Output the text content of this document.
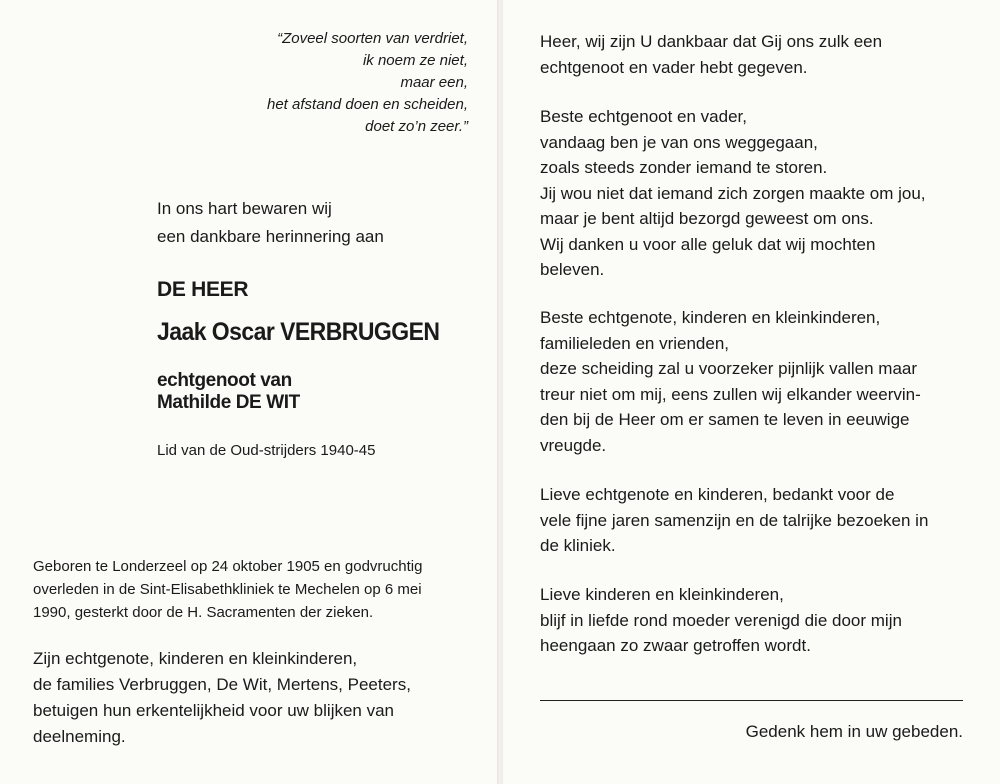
“Zoveel soorten van verdriet,
ik noem ze niet,
maar een,
het afstand doen en scheiden,
doet zo’n zeer.”
In ons hart bewaren wij
een dankbare herinnering aan
DE HEER
Jaak Oscar VERBRUGGEN
echtgenoot van
Mathilde DE WIT
Lid van de Oud-strijders 1940-45
Geboren te Londerzeel op 24 oktober 1905 en godvruchtig
overleden in de Sint-Elisabethkliniek te Mechelen op 6 mei
1990, gesterkt door de H. Sacramenten der zieken.
Zijn echtgenote, kinderen en kleinkinderen,
de families Verbruggen, De Wit, Mertens, Peeters,
betuigen hun erkentelijkheid voor uw blijken van
deelneming.
Heer, wij zijn U dankbaar dat Gij ons zulk een
echtgenoot en vader hebt gegeven.
Beste echtgenoot en vader,
vandaag ben je van ons weggegaan,
zoals steeds zonder iemand te storen.
Jij wou niet dat iemand zich zorgen maakte om jou,
maar je bent altijd bezorgd geweest om ons.
Wij danken u voor alle geluk dat wij mochten
beleven.
Beste echtgenote, kinderen en kleinkinderen,
familieleden en vrienden,
deze scheiding zal u voorzeker pijnlijk vallen maar
treur niet om mij, eens zullen wij elkander weervin-
den bij de Heer om er samen te leven in eeuwige
vreugde.
Lieve echtgenote en kinderen, bedankt voor de
vele fijne jaren samenzijn en de talrijke bezoeken in
de kliniek.
Lieve kinderen en kleinkinderen,
blijf in liefde rond moeder verenigd die door mijn
heengaan zo zwaar getroffen wordt.
Gedenk hem in uw gebeden.
